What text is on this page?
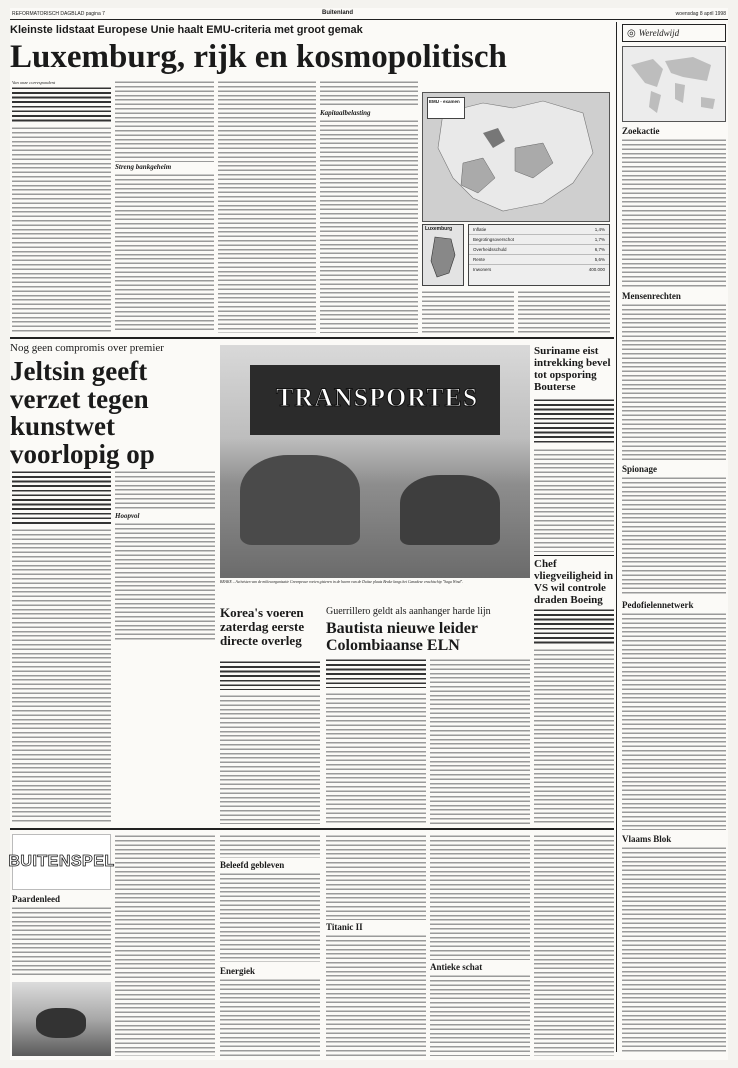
REFORMATORISCH DAGBLAD pagina 7	Buitenland	woensdag 8 april 1998
Kleinste lidstaat Europese Unie haalt EMU-criteria met groot gemak
Luxemburg, rijk en kosmopolitisch
Van onze correspondent
Streng bankgeheim
Kapitaalbelasting
EMU - examen
Luxemburg	Inflatie	1,4%
Begrotingsoverschot	1,7%
Overheidsschuld	6,7%
Rente	5,6%
Inwoners	400.000
◎ Wereldwijd
Zoekactie
Mensenrechten
Spionage
Pedofielennetwerk
Vlaams Blok
Nog geen compromis over premier
Jeltsin geeft verzet tegen kunstwet voorlopig op
Hoopvol
TRANSPORTES
BRAKE – Activisten van de milieuorganisatie Greenpeace roeien gisteren in de haven van de Duitse plaats Brake langs het Canadese vrachtschip "Saga Wind".
Suriname eist intrekking bevel tot opsporing Bouterse
Chef vliegveiligheid in VS wil controle draden Boeing
Korea's voeren zaterdag eerste directe overleg
Guerrillero geldt als aanhanger harde lijn
Bautista nieuwe leider Colombiaanse ELN
BUITENSPEL
Paardenleed
Beleefd gebleven
Energiek
Titanic II
Antieke schat
